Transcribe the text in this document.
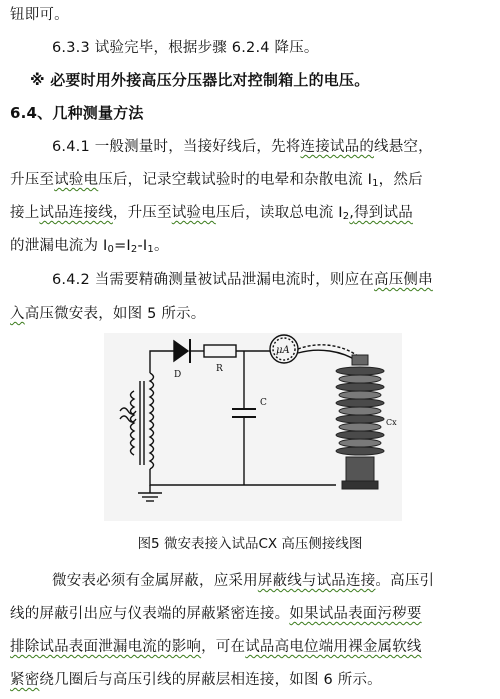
钮即可。
6.3.3 试验完毕，根据步骤 6.2.4 降压。
※ 必要时用外接高压分压器比对控制箱上的电压。
6.4、几种测量方法
6.4.1 一般测量时，当接好线后，先将连接试品的线悬空，
升压至试验电压后，记录空载试验时的电晕和杂散电流 $I_1$，然后
接上试品连接线，升压至试验电压后，读取总电流 $I_2$,得到试品
的泄漏电流为 $I_0=I_2-I_1$。
6.4.2 当需要精确测量被试品泄漏电流时，则应在高压侧串
入高压微安表，如图 5 所示。
D
R
C
μA
Cx
图5 微安表接入试品CX 高压侧接线图
微安表必须有金属屏蔽，应采用屏蔽线与试品连接。高压引
线的屏蔽引出应与仪表端的屏蔽紧密连接。如果试品表面污秽要
排除试品表面泄漏电流的影响，可在试品高电位端用裸金属软线
紧密绕几圈后与高压引线的屏蔽层相连接，如图 6 所示。
